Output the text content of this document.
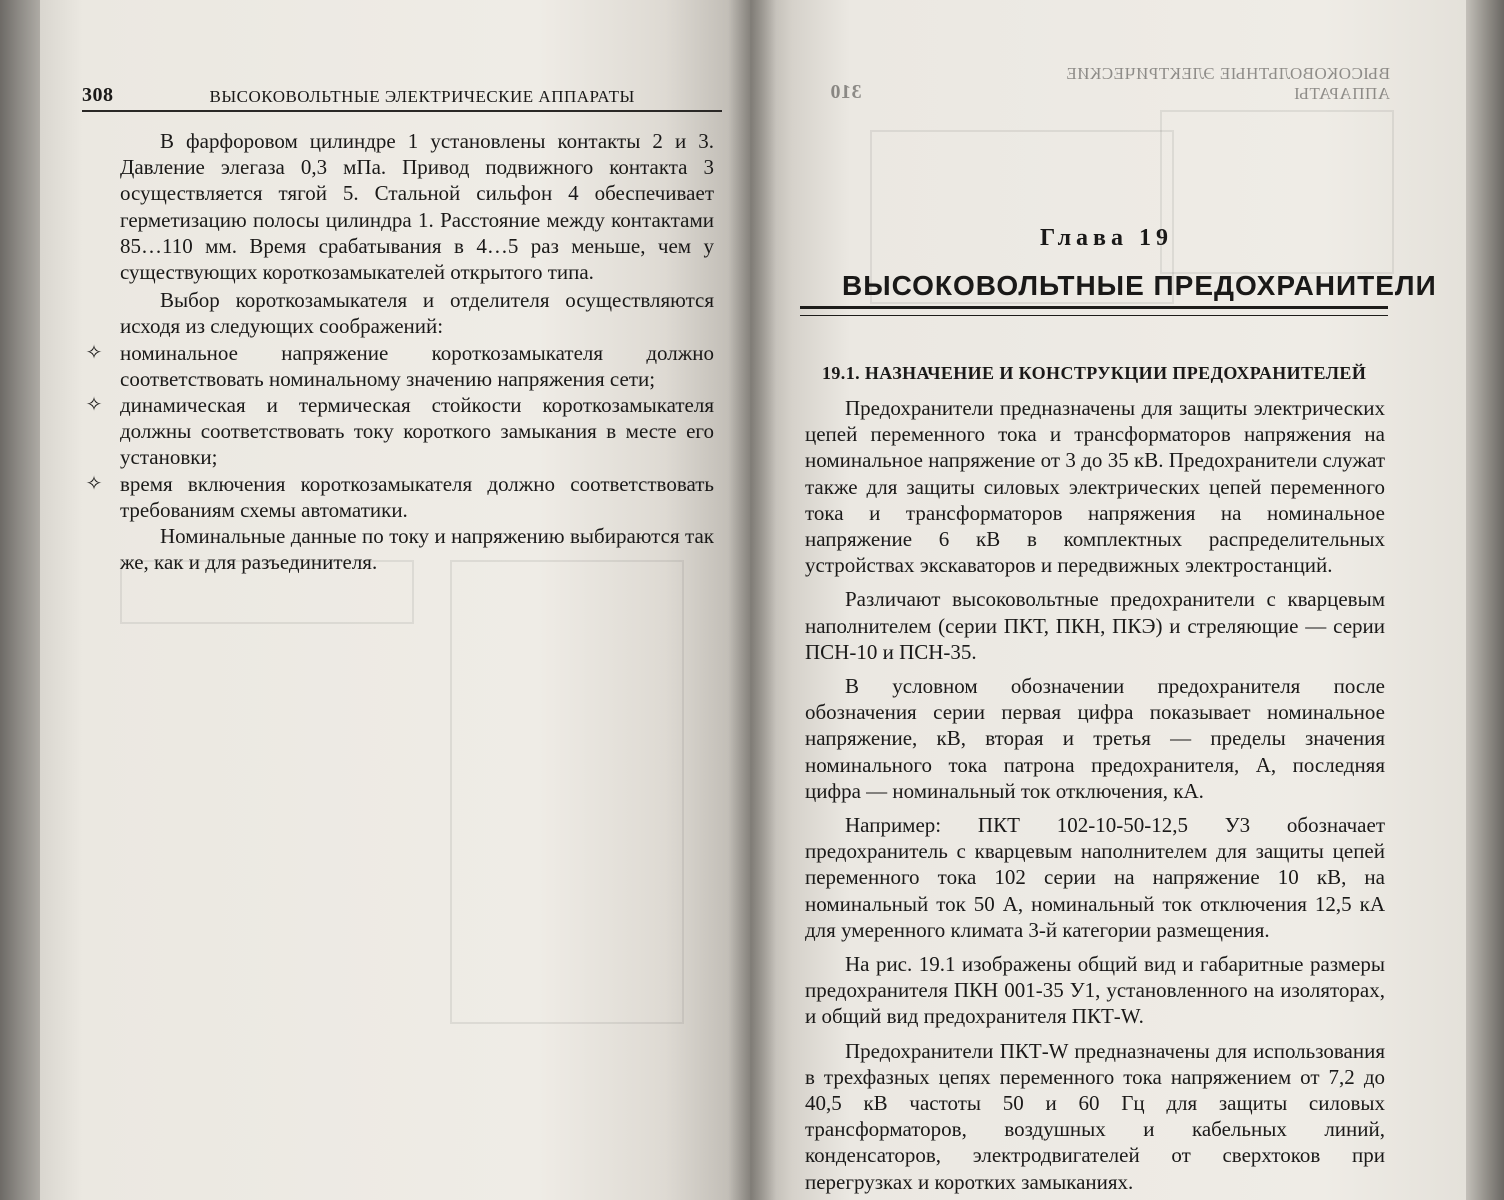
308	ВЫСОКОВОЛЬТНЫЕ ЭЛЕКТРИЧЕСКИЕ АППАРАТЫ

В фарфоровом цилиндре 1 установлены контакты 2 и 3. Давление элегаза 0,3 мПа. Привод подвижного контакта 3 осуществляется тягой 5. Стальной сильфон 4 обеспечивает герметизацию полосы цилиндра 1. Расстояние между контактами 85…110 мм. Время срабатывания в 4…5 раз меньше, чем у существующих короткозамыкателей открытого типа.

Выбор короткозамыкателя и отделителя осуществляются исходя из следующих соображений:

✧ номинальное напряжение короткозамыкателя должно соответствовать номинальному значению напряжения сети;
✧ динамическая и термическая стойкости короткозамыкателя должны соответствовать току короткого замыкания в месте его установки;
✧ время включения короткозамыкателя должно соответствовать требованиям схемы автоматики.

Номинальные данные по току и напряжению выбираются так же, как и для разъединителя.

ВЫСОКОВОЛЬТНЫЕ ЭЛЕКТРИЧЕСКИЕ АППАРАТЫ
310
Глава 19
ВЫСОКОВОЛЬТНЫЕ ПРЕДОХРАНИТЕЛИ
19.1. НАЗНАЧЕНИЕ И КОНСТРУКЦИИ ПРЕДОХРАНИТЕЛЕЙ

Предохранители предназначены для защиты электрических цепей переменного тока и трансформаторов напряжения на номинальное напряжение от 3 до 35 кВ. Предохранители служат также для защиты силовых электрических цепей переменного тока и трансформаторов напряжения на номинальное напряжение 6 кВ в комплектных распределительных устройствах экскаваторов и передвижных электростанций.

Различают высоковольтные предохранители с кварцевым наполнителем (серии ПКТ, ПКН, ПКЭ) и стреляющие — серии ПСН-10 и ПСН-35.

В условном обозначении предохранителя после обозначения серии первая цифра показывает номинальное напряжение, кВ, вторая и третья — пределы значения номинального тока патрона предохранителя, А, последняя цифра — номинальный ток отключения, кА.

Например: ПКТ 102-10-50-12,5 У3 обозначает предохранитель с кварцевым наполнителем для защиты цепей переменного тока 102 серии на напряжение 10 кВ, на номинальный ток 50 А, номинальный ток отключения 12,5 кА для умеренного климата 3-й категории размещения.

На рис. 19.1 изображены общий вид и габаритные размеры предохранителя ПКН 001-35 У1, установленного на изоляторах, и общий вид предохранителя ПКТ-W.

Предохранители ПКТ-W предназначены для использования в трехфазных цепях переменного тока напряжением от 7,2 до 40,5 кВ частоты 50 и 60 Гц для защиты силовых трансформаторов, воздушных и кабельных линий, конденсаторов, электродвигателей от сверхтоков при перегрузках и коротких замыканиях.
